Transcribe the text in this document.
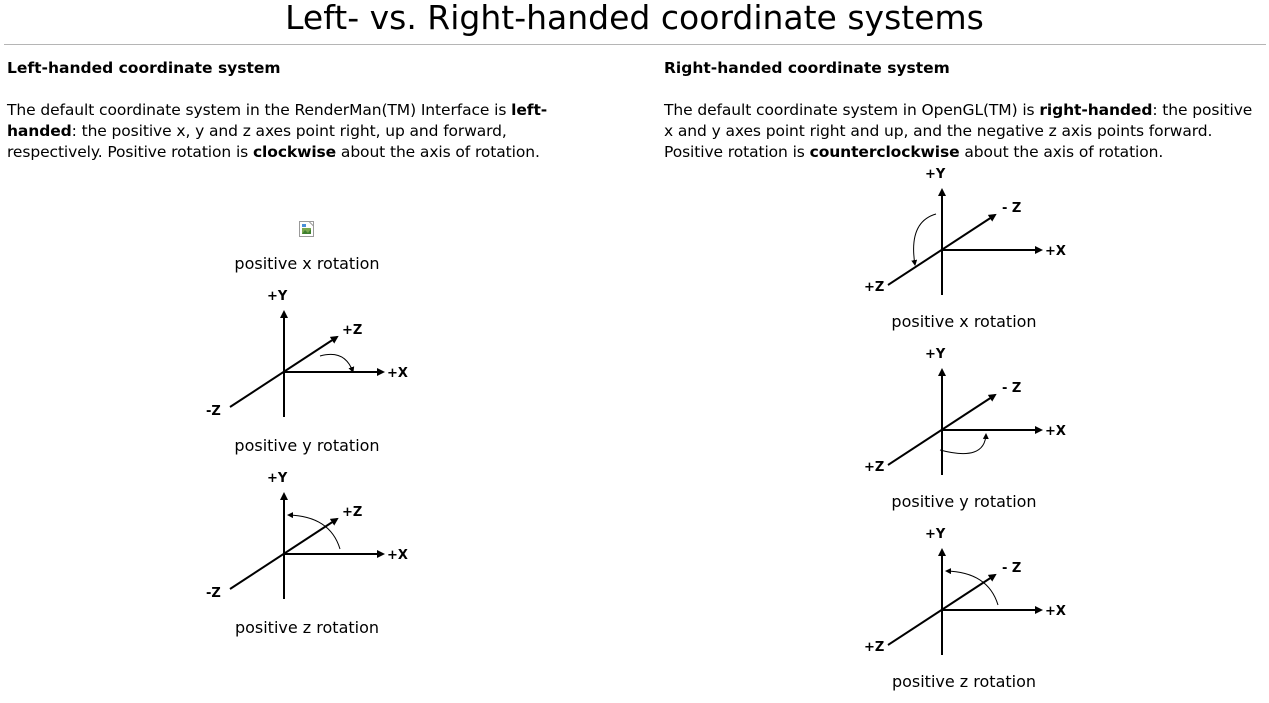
Left- vs. Right-handed coordinate systems
Left-handed coordinate system

The default coordinate system in the RenderMan(TM) Interface is left-handed: the positive x, y and z axes point right, up and forward, respectively. Positive rotation is clockwise about the axis of rotation.

positive x rotation
+Y
+X
+Z
-Z
positive y rotation
+Y
+X
+Z
-Z
positive z rotation
Right-handed coordinate system

The default coordinate system in OpenGL(TM) is right-handed: the positive x and y axes point right and up, and the negative z axis points forward. Positive rotation is counterclockwise about the axis of rotation.

+Y
+X
- Z
+Z
positive x rotation
+Y
+X
- Z
+Z
positive y rotation
+Y
+X
- Z
+Z
positive z rotation
